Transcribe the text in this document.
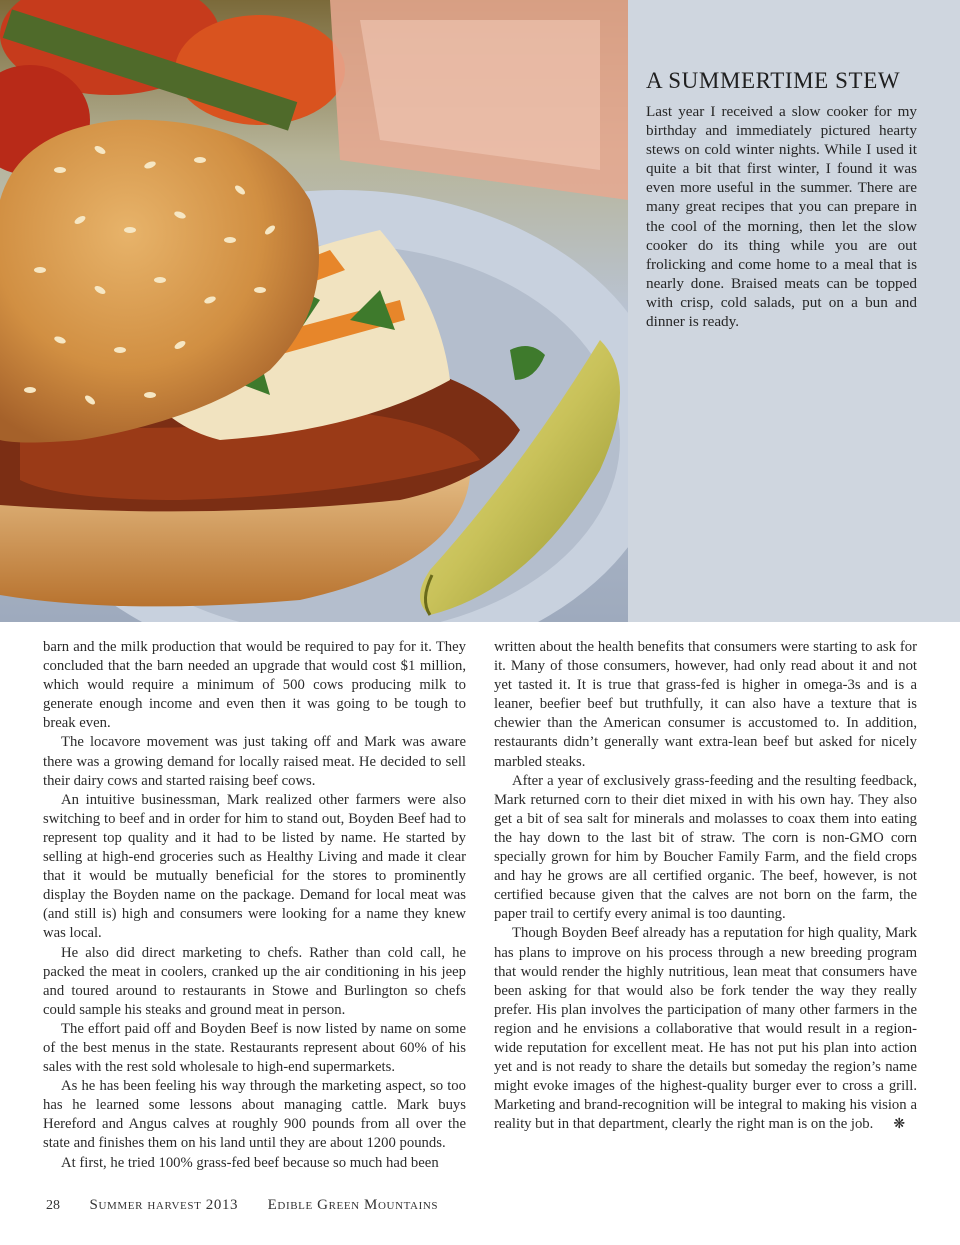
A SUMMERTIME STEW

Last year I received a slow cooker for my birthday and immediately pictured hearty stews on cold winter nights. While I used it quite a bit that first winter, I found it was even more useful in the summer. There are many great recipes that you can prepare in the cool of the morning, then let the slow cooker do its thing while you are out frolicking and come home to a meal that is nearly done. Braised meats can be topped with crisp, cold salads, put on a bun and dinner is ready.

barn and the milk production that would be required to pay for it. They concluded that the barn needed an upgrade that would cost $1 million, which would require a minimum of 500 cows producing milk to generate enough income and even then it was going to be tough to break even.

The locavore movement was just taking off and Mark was aware there was a growing demand for locally raised meat. He decided to sell their dairy cows and started raising beef cows.

An intuitive businessman, Mark realized other farmers were also switching to beef and in order for him to stand out, Boyden Beef had to represent top quality and it had to be listed by name. He started by selling at high-end groceries such as Healthy Living and made it clear that it would be mutually beneficial for the stores to prominently display the Boyden name on the package. Demand for local meat was (and still is) high and consumers were looking for a name they knew was local.

He also did direct marketing to chefs. Rather than cold call, he packed the meat in coolers, cranked up the air conditioning in his jeep and toured around to restaurants in Stowe and Burlington so chefs could sample his steaks and ground meat in person.

The effort paid off and Boyden Beef is now listed by name on some of the best menus in the state. Restaurants represent about 60% of his sales with the rest sold wholesale to high-end supermarkets.

As he has been feeling his way through the marketing aspect, so too has he learned some lessons about managing cattle. Mark buys Hereford and Angus calves at roughly 900 pounds from all over the state and finishes them on his land until they are about 1200 pounds.

At first, he tried 100% grass-fed beef because so much had been

written about the health benefits that consumers were starting to ask for it. Many of those consumers, however, had only read about it and not yet tasted it. It is true that grass-fed is higher in omega-3s and is a leaner, beefier beef but truthfully, it can also have a texture that is chewier than the American consumer is accustomed to. In addition, restaurants didn’t generally want extra-lean beef but asked for nicely marbled steaks.

After a year of exclusively grass-feeding and the resulting feedback, Mark returned corn to their diet mixed in with his own hay. They also get a bit of sea salt for minerals and molasses to coax them into eating the hay down to the last bit of straw. The corn is non-GMO corn specially grown for him by Boucher Family Farm, and the field crops and hay he grows are all certified organic. The beef, however, is not certified because given that the calves are not born on the farm, the paper trail to certify every animal is too daunting.

Though Boyden Beef already has a reputation for high quality, Mark has plans to improve on his process through a new breeding program that would render the highly nutritious, lean meat that consumers have been asking for that would also be fork tender the way they really prefer. His plan involves the participation of many other farmers in the region and he envisions a collaborative that would result in a region-wide reputation for excellent meat. He has not put his plan into action yet and is not ready to share the details but someday the region’s name might evoke images of the highest-quality burger ever to cross a grill. Marketing and brand-recognition will be integral to making his vision a reality but in that department, clearly the right man is on the job. ❋

28 Summer harvest 2013 Edible Green Mountains
